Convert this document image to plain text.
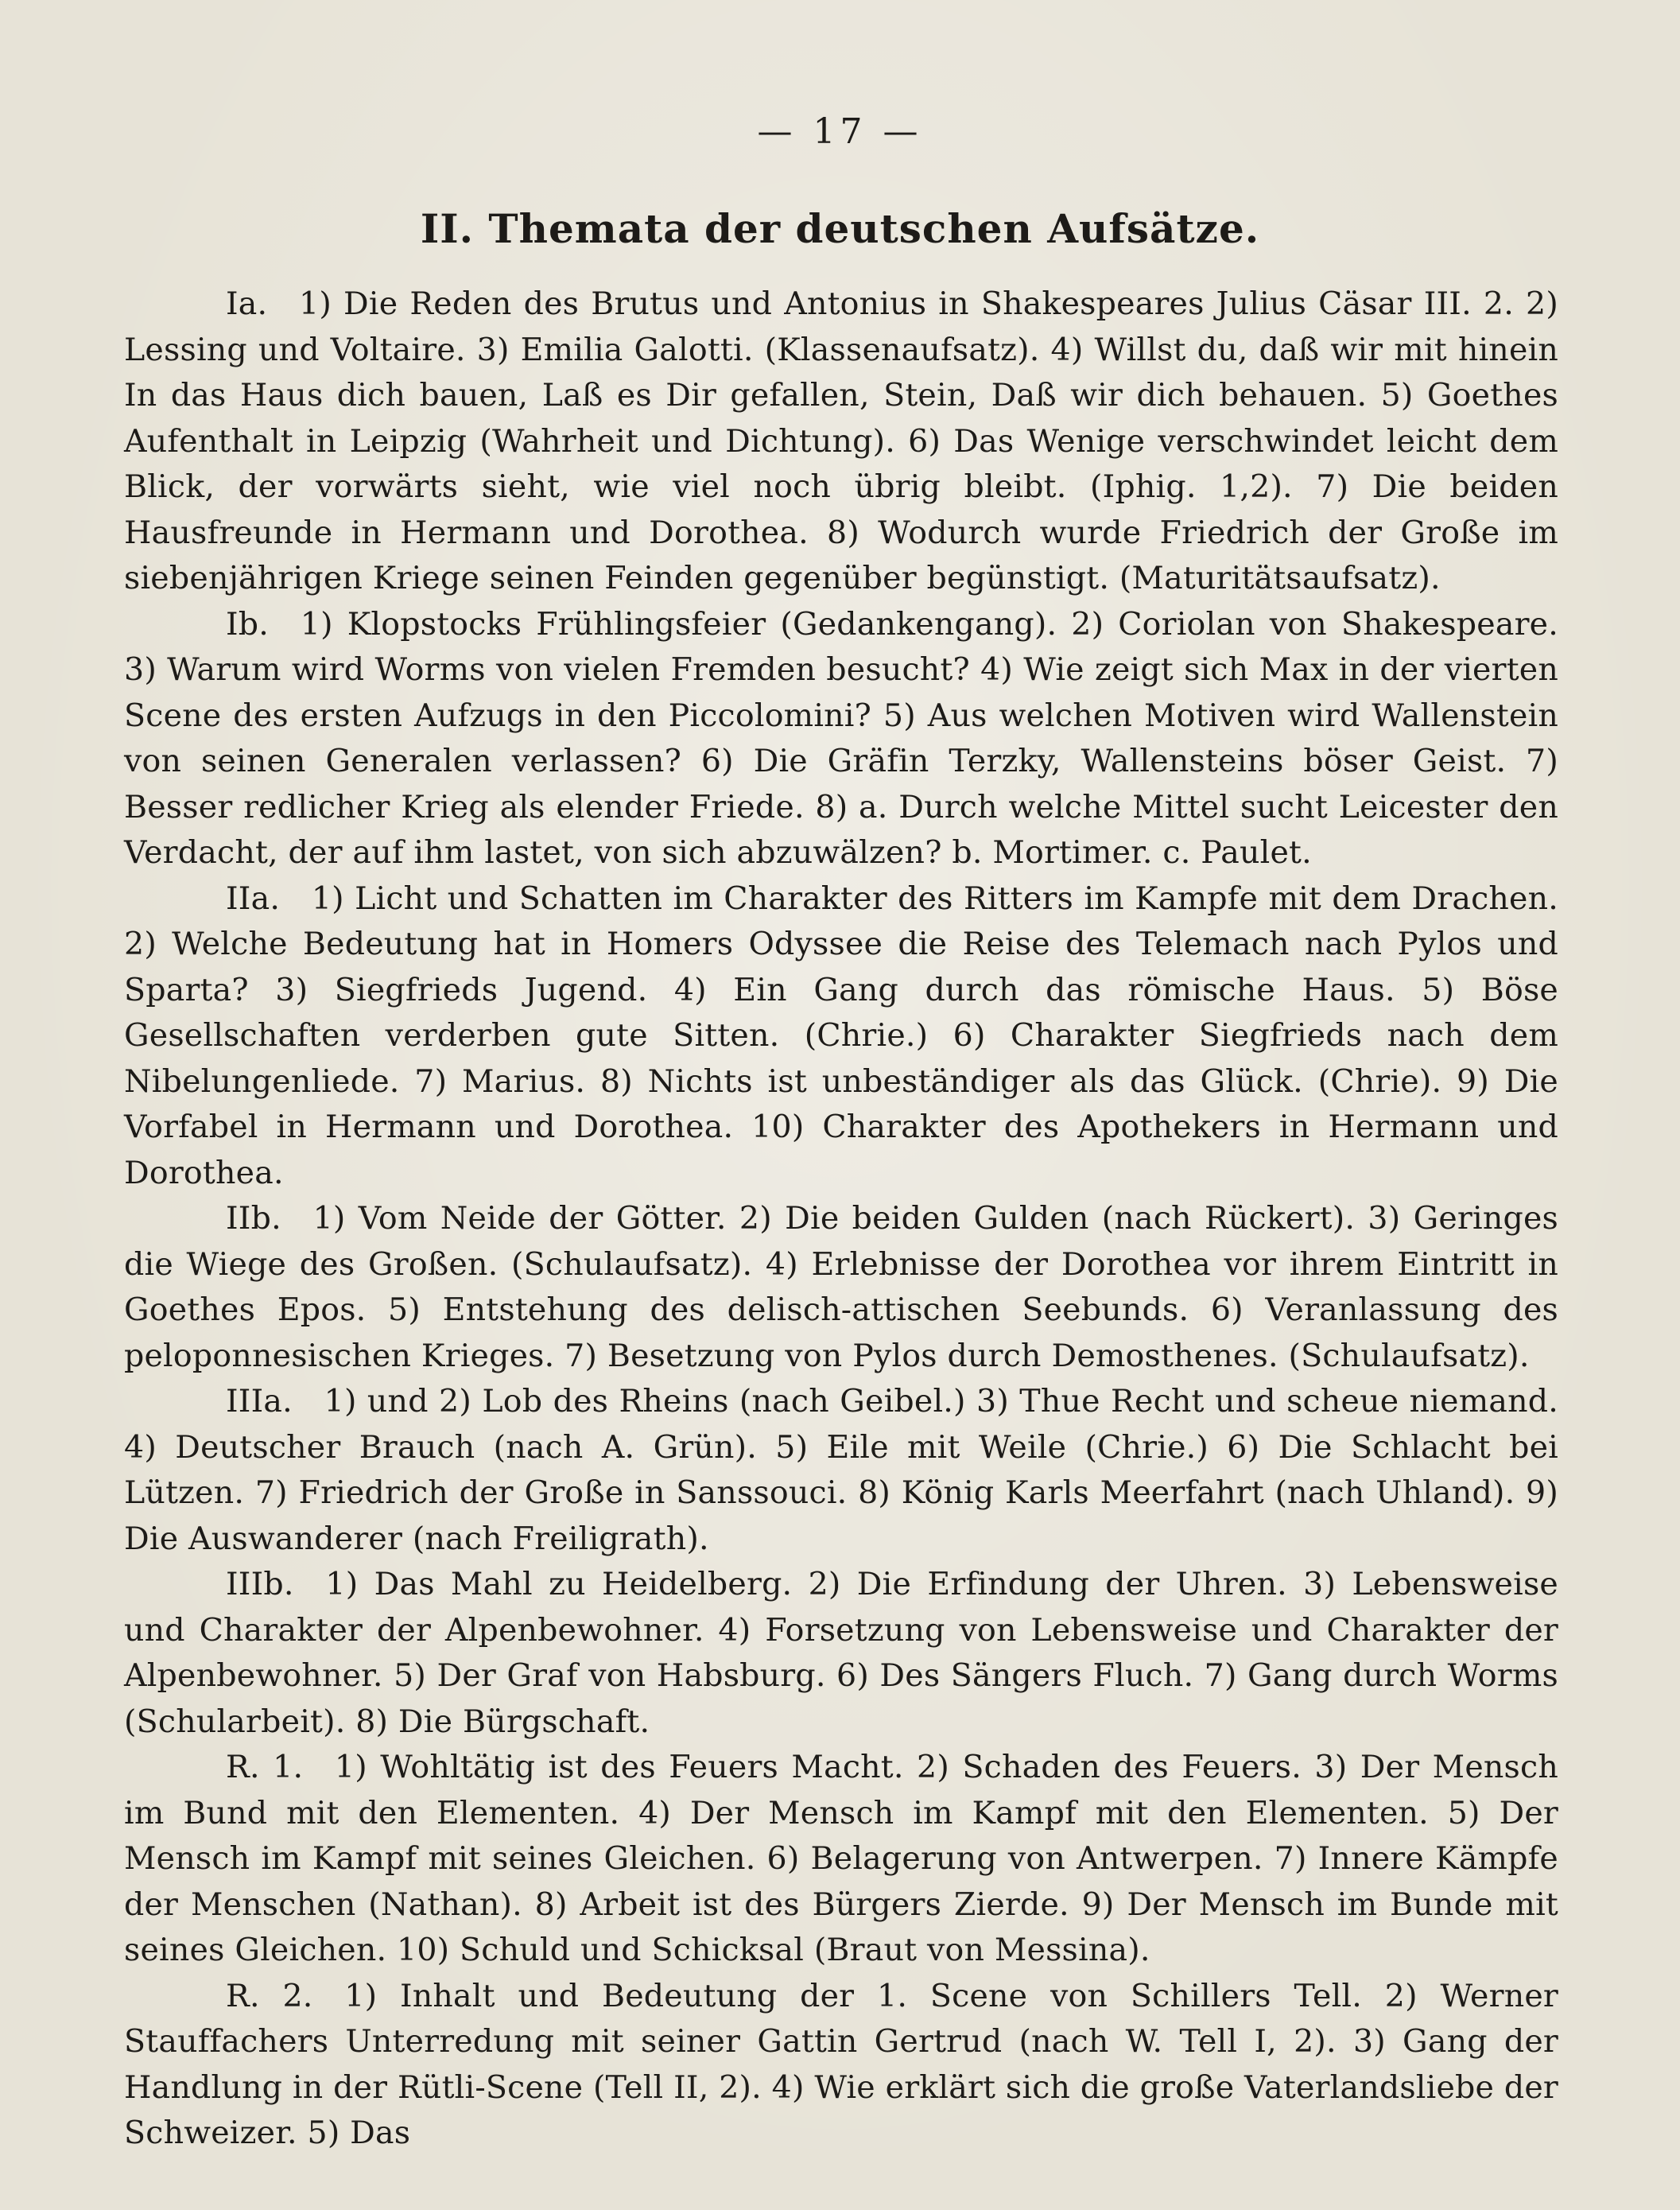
— 17 —
II. Themata der deutschen Aufsätze.

Ia.  1) Die Reden des Brutus und Antonius in Shakespeares Julius Cäsar III. 2. 2) Lessing und Voltaire. 3) Emilia Galotti. (Klassenaufsatz). 4) Willst du, daß wir mit hinein In das Haus dich bauen, Laß es Dir gefallen, Stein, Daß wir dich behauen. 5) Goethes Aufenthalt in Leipzig (Wahrheit und Dichtung). 6) Das Wenige verschwindet leicht dem Blick, der vorwärts sieht, wie viel noch übrig bleibt. (Iphig. 1,2). 7) Die beiden Hausfreunde in Hermann und Dorothea. 8) Wodurch wurde Friedrich der Große im siebenjährigen Kriege seinen Feinden gegenüber begünstigt. (Maturitätsaufsatz).

Ib.  1) Klopstocks Frühlingsfeier (Gedankengang). 2) Coriolan von Shakespeare. 3) Warum wird Worms von vielen Fremden besucht? 4) Wie zeigt sich Max in der vierten Scene des ersten Aufzugs in den Piccolomini? 5) Aus welchen Motiven wird Wallenstein von seinen Generalen verlassen? 6) Die Gräfin Terzky, Wallensteins böser Geist. 7) Besser redlicher Krieg als elender Friede. 8) a. Durch welche Mittel sucht Leicester den Verdacht, der auf ihm lastet, von sich abzuwälzen? b. Mortimer. c. Paulet.

IIa.  1) Licht und Schatten im Charakter des Ritters im Kampfe mit dem Drachen. 2) Welche Bedeutung hat in Homers Odyssee die Reise des Telemach nach Pylos und Sparta? 3) Siegfrieds Jugend. 4) Ein Gang durch das römische Haus. 5) Böse Gesellschaften verderben gute Sitten. (Chrie.) 6) Charakter Siegfrieds nach dem Nibelungenliede. 7) Marius. 8) Nichts ist unbeständiger als das Glück. (Chrie). 9) Die Vorfabel in Hermann und Dorothea. 10) Charakter des Apothekers in Hermann und Dorothea.

IIb.  1) Vom Neide der Götter. 2) Die beiden Gulden (nach Rückert). 3) Geringes die Wiege des Großen. (Schulaufsatz). 4) Erlebnisse der Dorothea vor ihrem Eintritt in Goethes Epos. 5) Entstehung des delisch-attischen Seebunds. 6) Veranlassung des peloponnesischen Krieges. 7) Besetzung von Pylos durch Demosthenes. (Schulaufsatz).

IIIa.  1) und 2) Lob des Rheins (nach Geibel.) 3) Thue Recht und scheue niemand. 4) Deutscher Brauch (nach A. Grün). 5) Eile mit Weile (Chrie.) 6) Die Schlacht bei Lützen. 7) Friedrich der Große in Sanssouci. 8) König Karls Meerfahrt (nach Uhland). 9) Die Auswanderer (nach Freiligrath).

IIIb.  1) Das Mahl zu Heidelberg. 2) Die Erfindung der Uhren. 3) Lebensweise und Charakter der Alpenbewohner. 4) Forsetzung von Lebensweise und Charakter der Alpenbewohner. 5) Der Graf von Habsburg. 6) Des Sängers Fluch. 7) Gang durch Worms (Schularbeit). 8) Die Bürgschaft.

R. 1.  1) Wohltätig ist des Feuers Macht. 2) Schaden des Feuers. 3) Der Mensch im Bund mit den Elementen. 4) Der Mensch im Kampf mit den Elementen. 5) Der Mensch im Kampf mit seines Gleichen. 6) Belagerung von Antwerpen. 7) Innere Kämpfe der Menschen (Nathan). 8) Arbeit ist des Bürgers Zierde. 9) Der Mensch im Bunde mit seines Gleichen. 10) Schuld und Schicksal (Braut von Messina).

R. 2.  1) Inhalt und Bedeutung der 1. Scene von Schillers Tell. 2) Werner Stauffachers Unterredung mit seiner Gattin Gertrud (nach W. Tell I, 2). 3) Gang der Handlung in der Rütli-Scene (Tell II, 2). 4) Wie erklärt sich die große Vaterlandsliebe der Schweizer. 5) Das
